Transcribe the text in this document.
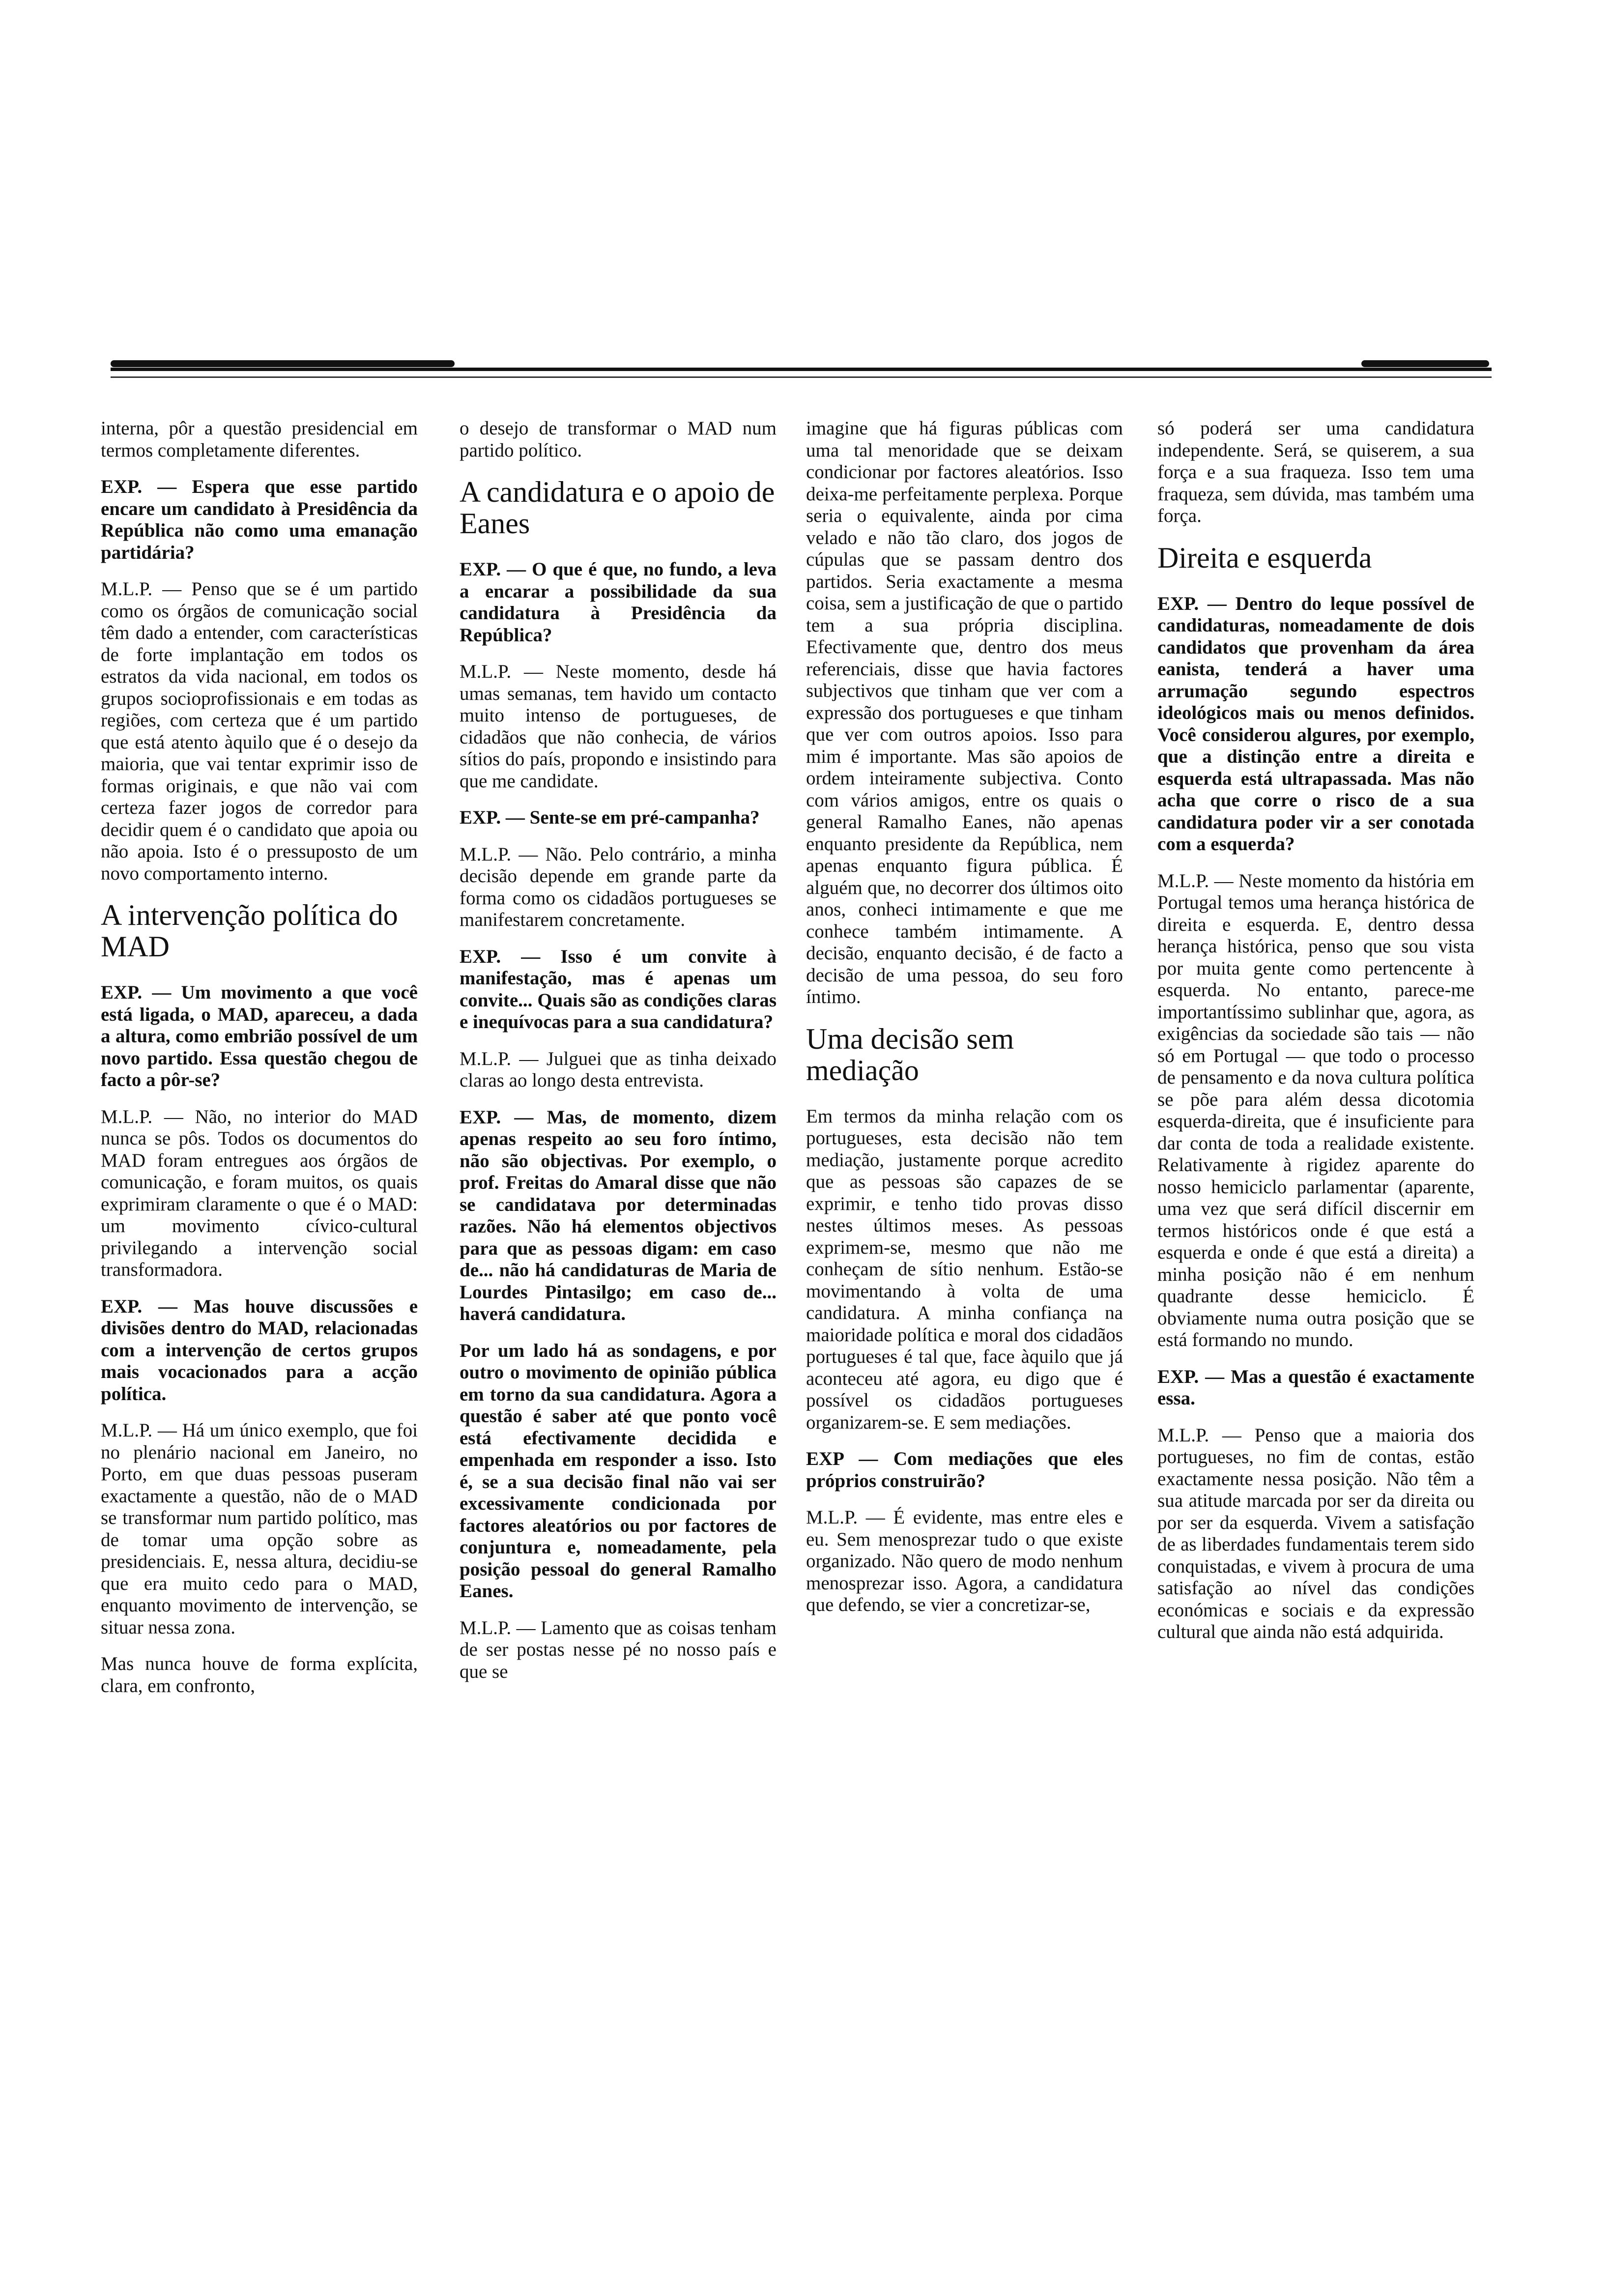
interna, pôr a questão presidencial em termos completamente diferentes.

EXP. — Espera que esse partido encare um candidato à Presidência da República não como uma emanação partidária?

M.L.P. — Penso que se é um partido como os órgãos de comunicação social têm dado a entender, com características de forte implantação em todos os estratos da vida nacional, em todos os grupos socioprofissionais e em todas as regiões, com certeza que é um partido que está atento àquilo que é o desejo da maioria, que vai tentar exprimir isso de formas originais, e que não vai com certeza fazer jogos de corredor para decidir quem é o candidato que apoia ou não apoia. Isto é o pressuposto de um novo comportamento interno.

A intervenção política do MAD

EXP. — Um movimento a que você está ligada, o MAD, apareceu, a dada a altura, como embrião possível de um novo partido. Essa questão chegou de facto a pôr-se?

M.L.P. — Não, no interior do MAD nunca se pôs. Todos os documentos do MAD foram entregues aos órgãos de comunicação, e foram muitos, os quais exprimiram claramente o que é o MAD: um movimento cívico-cultural privilegando a intervenção social transformadora.

EXP. — Mas houve discussões e divisões dentro do MAD, relacionadas com a intervenção de certos grupos mais vocacionados para a acção política.

M.L.P. — Há um único exemplo, que foi no plenário nacional em Janeiro, no Porto, em que duas pessoas puseram exactamente a questão, não de o MAD se transformar num partido político, mas de tomar uma opção sobre as presidenciais. E, nessa altura, decidiu-se que era muito cedo para o MAD, enquanto movimento de intervenção, se situar nessa zona.

Mas nunca houve de forma explícita, clara, em confronto,

o desejo de transformar o MAD num partido político.

A candidatura e o apoio de Eanes

EXP. — O que é que, no fundo, a leva a encarar a possibilidade da sua candidatura à Presidência da República?

M.L.P. — Neste momento, desde há umas semanas, tem havido um contacto muito intenso de portugueses, de cidadãos que não conhecia, de vários sítios do país, propondo e insistindo para que me candidate.

EXP. — Sente-se em pré-campanha?

M.L.P. — Não. Pelo contrário, a minha decisão depende em grande parte da forma como os cidadãos portugueses se manifestarem concretamente.

EXP. — Isso é um convite à manifestação, mas é apenas um convite... Quais são as condições claras e inequívocas para a sua candidatura?

M.L.P. — Julguei que as tinha deixado claras ao longo desta entrevista.

EXP. — Mas, de momento, dizem apenas respeito ao seu foro íntimo, não são objectivas. Por exemplo, o prof. Freitas do Amaral disse que não se candidatava por determinadas razões. Não há elementos objectivos para que as pessoas digam: em caso de... não há candidaturas de Maria de Lourdes Pintasilgo; em caso de... haverá candidatura.

Por um lado há as sondagens, e por outro o movimento de opinião pública em torno da sua candidatura. Agora a questão é saber até que ponto você está efectivamente decidida e empenhada em responder a isso. Isto é, se a sua decisão final não vai ser excessivamente condicionada por factores aleatórios ou por factores de conjuntura e, nomeadamente, pela posição pessoal do general Ramalho Eanes.

M.L.P. — Lamento que as coisas tenham de ser postas nesse pé no nosso país e que se

imagine que há figuras públicas com uma tal menoridade que se deixam condicionar por factores aleatórios. Isso deixa-me perfeitamente perplexa. Porque seria o equivalente, ainda por cima velado e não tão claro, dos jogos de cúpulas que se passam dentro dos partidos. Seria exactamente a mesma coisa, sem a justificação de que o partido tem a sua própria disciplina. Efectivamente que, dentro dos meus referenciais, disse que havia factores subjectivos que tinham que ver com a expressão dos portugueses e que tinham que ver com outros apoios. Isso para mim é importante. Mas são apoios de ordem inteiramente subjectiva. Conto com vários amigos, entre os quais o general Ramalho Eanes, não apenas enquanto presidente da República, nem apenas enquanto figura pública. É alguém que, no decorrer dos últimos oito anos, conheci intimamente e que me conhece também intimamente. A decisão, enquanto decisão, é de facto a decisão de uma pessoa, do seu foro íntimo.

Uma decisão sem mediação

Em termos da minha relação com os portugueses, esta decisão não tem mediação, justamente porque acredito que as pessoas são capazes de se exprimir, e tenho tido provas disso nestes últimos meses. As pessoas exprimem-se, mesmo que não me conheçam de sítio nenhum. Estão-se movimentando à volta de uma candidatura. A minha confiança na maioridade política e moral dos cidadãos portugueses é tal que, face àquilo que já aconteceu até agora, eu digo que é possível os cidadãos portugueses organizarem-se. E sem mediações.

EXP — Com mediações que eles próprios construirão?

M.L.P. — É evidente, mas entre eles e eu. Sem menosprezar tudo o que existe organizado. Não quero de modo nenhum menosprezar isso. Agora, a candidatura que defendo, se vier a concretizar-se,

só poderá ser uma candidatura independente. Será, se quiserem, a sua força e a sua fraqueza. Isso tem uma fraqueza, sem dúvida, mas também uma força.

Direita e esquerda

EXP. — Dentro do leque possível de candidaturas, nomeadamente de dois candidatos que provenham da área eanista, tenderá a haver uma arrumação segundo espectros ideológicos mais ou menos definidos. Você considerou algures, por exemplo, que a distinção entre a direita e esquerda está ultrapassada. Mas não acha que corre o risco de a sua candidatura poder vir a ser conotada com a esquerda?

M.L.P. — Neste momento da história em Portugal temos uma herança histórica de direita e esquerda. E, dentro dessa herança histórica, penso que sou vista por muita gente como pertencente à esquerda. No entanto, parece-me importantíssimo sublinhar que, agora, as exigências da sociedade são tais — não só em Portugal — que todo o processo de pensamento e da nova cultura política se põe para além dessa dicotomia esquerda-direita, que é insuficiente para dar conta de toda a realidade existente. Relativamente à rigidez aparente do nosso hemiciclo parlamentar (aparente, uma vez que será difícil discernir em termos históricos onde é que está a esquerda e onde é que está a direita) a minha posição não é em nenhum quadrante desse hemiciclo. É obviamente numa outra posição que se está formando no mundo.

EXP. — Mas a questão é exactamente essa.

M.L.P. — Penso que a maioria dos portugueses, no fim de contas, estão exactamente nessa posição. Não têm a sua atitude marcada por ser da direita ou por ser da esquerda. Vivem a satisfação de as liberdades fundamentais terem sido conquistadas, e vivem à procura de uma satisfação ao nível das condições económicas e sociais e da expressão cultural que ainda não está adquirida.
